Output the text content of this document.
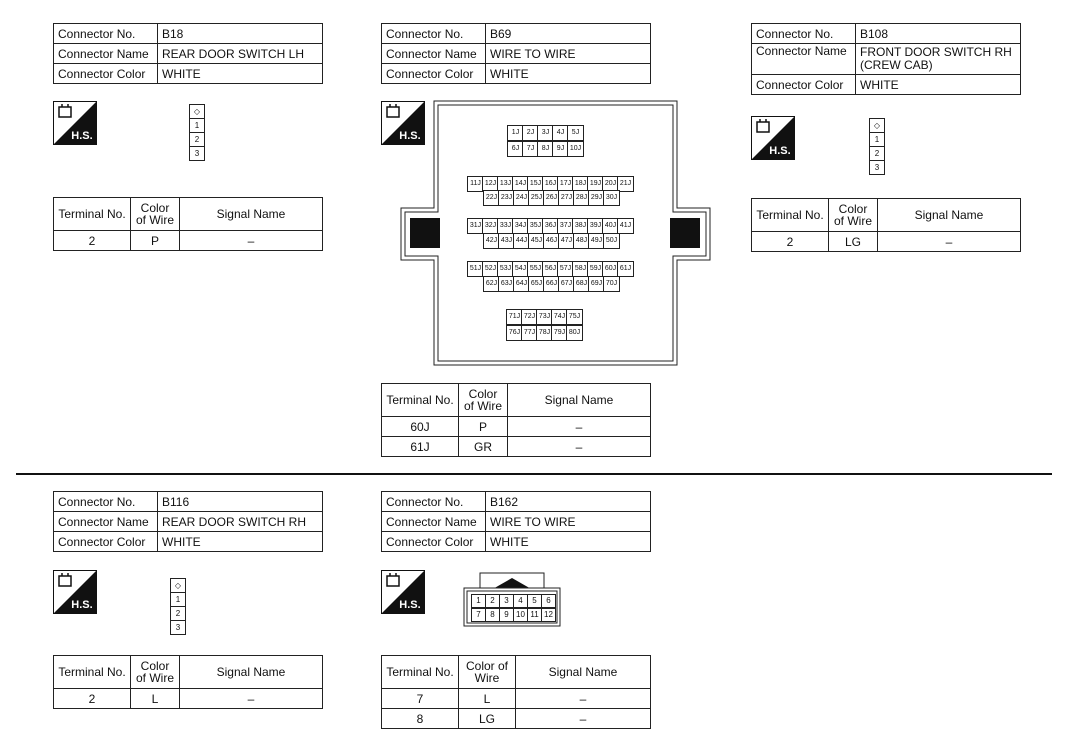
Connector No.	B18
Connector Name	REAR DOOR SWITCH LH
Connector Color	WHITE
H.S.
◇
1
2
3
Terminal No.	Color of Wire	Signal Name
2	P	–
Connector No.	B69
Connector Name	WIRE TO WIRE
Connector Color	WHITE
H.S.	1J	2J	3J	4J	5J
6J	7J	8J	9J 10J
11J 12J 13J 14J 15J 16J 17J 18J 19J 20J 21J
22J 23J 24J 25J 26J 27J 28J 29J 30J
31J 32J 33J 34J 35J 36J 37J 38J 39J 40J 41J
42J 43J 44J 45J 46J 47J 48J 49J 50J
51J 52J 53J 54J 55J 56J 57J 58J 59J 60J 61J
62J 63J 64J 65J 66J 67J 68J 69J 70J
71J 72J 73J 74J 75J
76J 77J 78J 79J 80J
Terminal No.	Color of Wire	Signal Name
60J	P	–
61J	GR	–
Connector No.	B108
Connector Name	FRONT DOOR SWITCH RH (CREW CAB)
Connector Color	WHITE
H.S.
◇
1
2
3
Terminal No.	Color of Wire	Signal Name
2	LG	–
Connector No.	B116
Connector Name	REAR DOOR SWITCH RH
Connector Color	WHITE
H.S.
◇
1
2
3
Terminal No.	Color of Wire	Signal Name
2	L	–
Connector No.	B162
Connector Name	WIRE TO WIRE
Connector Color	WHITE
H.S.	1	2	3	4	5	6
7	8	9 10 11 12
Terminal No.	Color of Wire	Signal Name
7	L	–
8	LG	–
